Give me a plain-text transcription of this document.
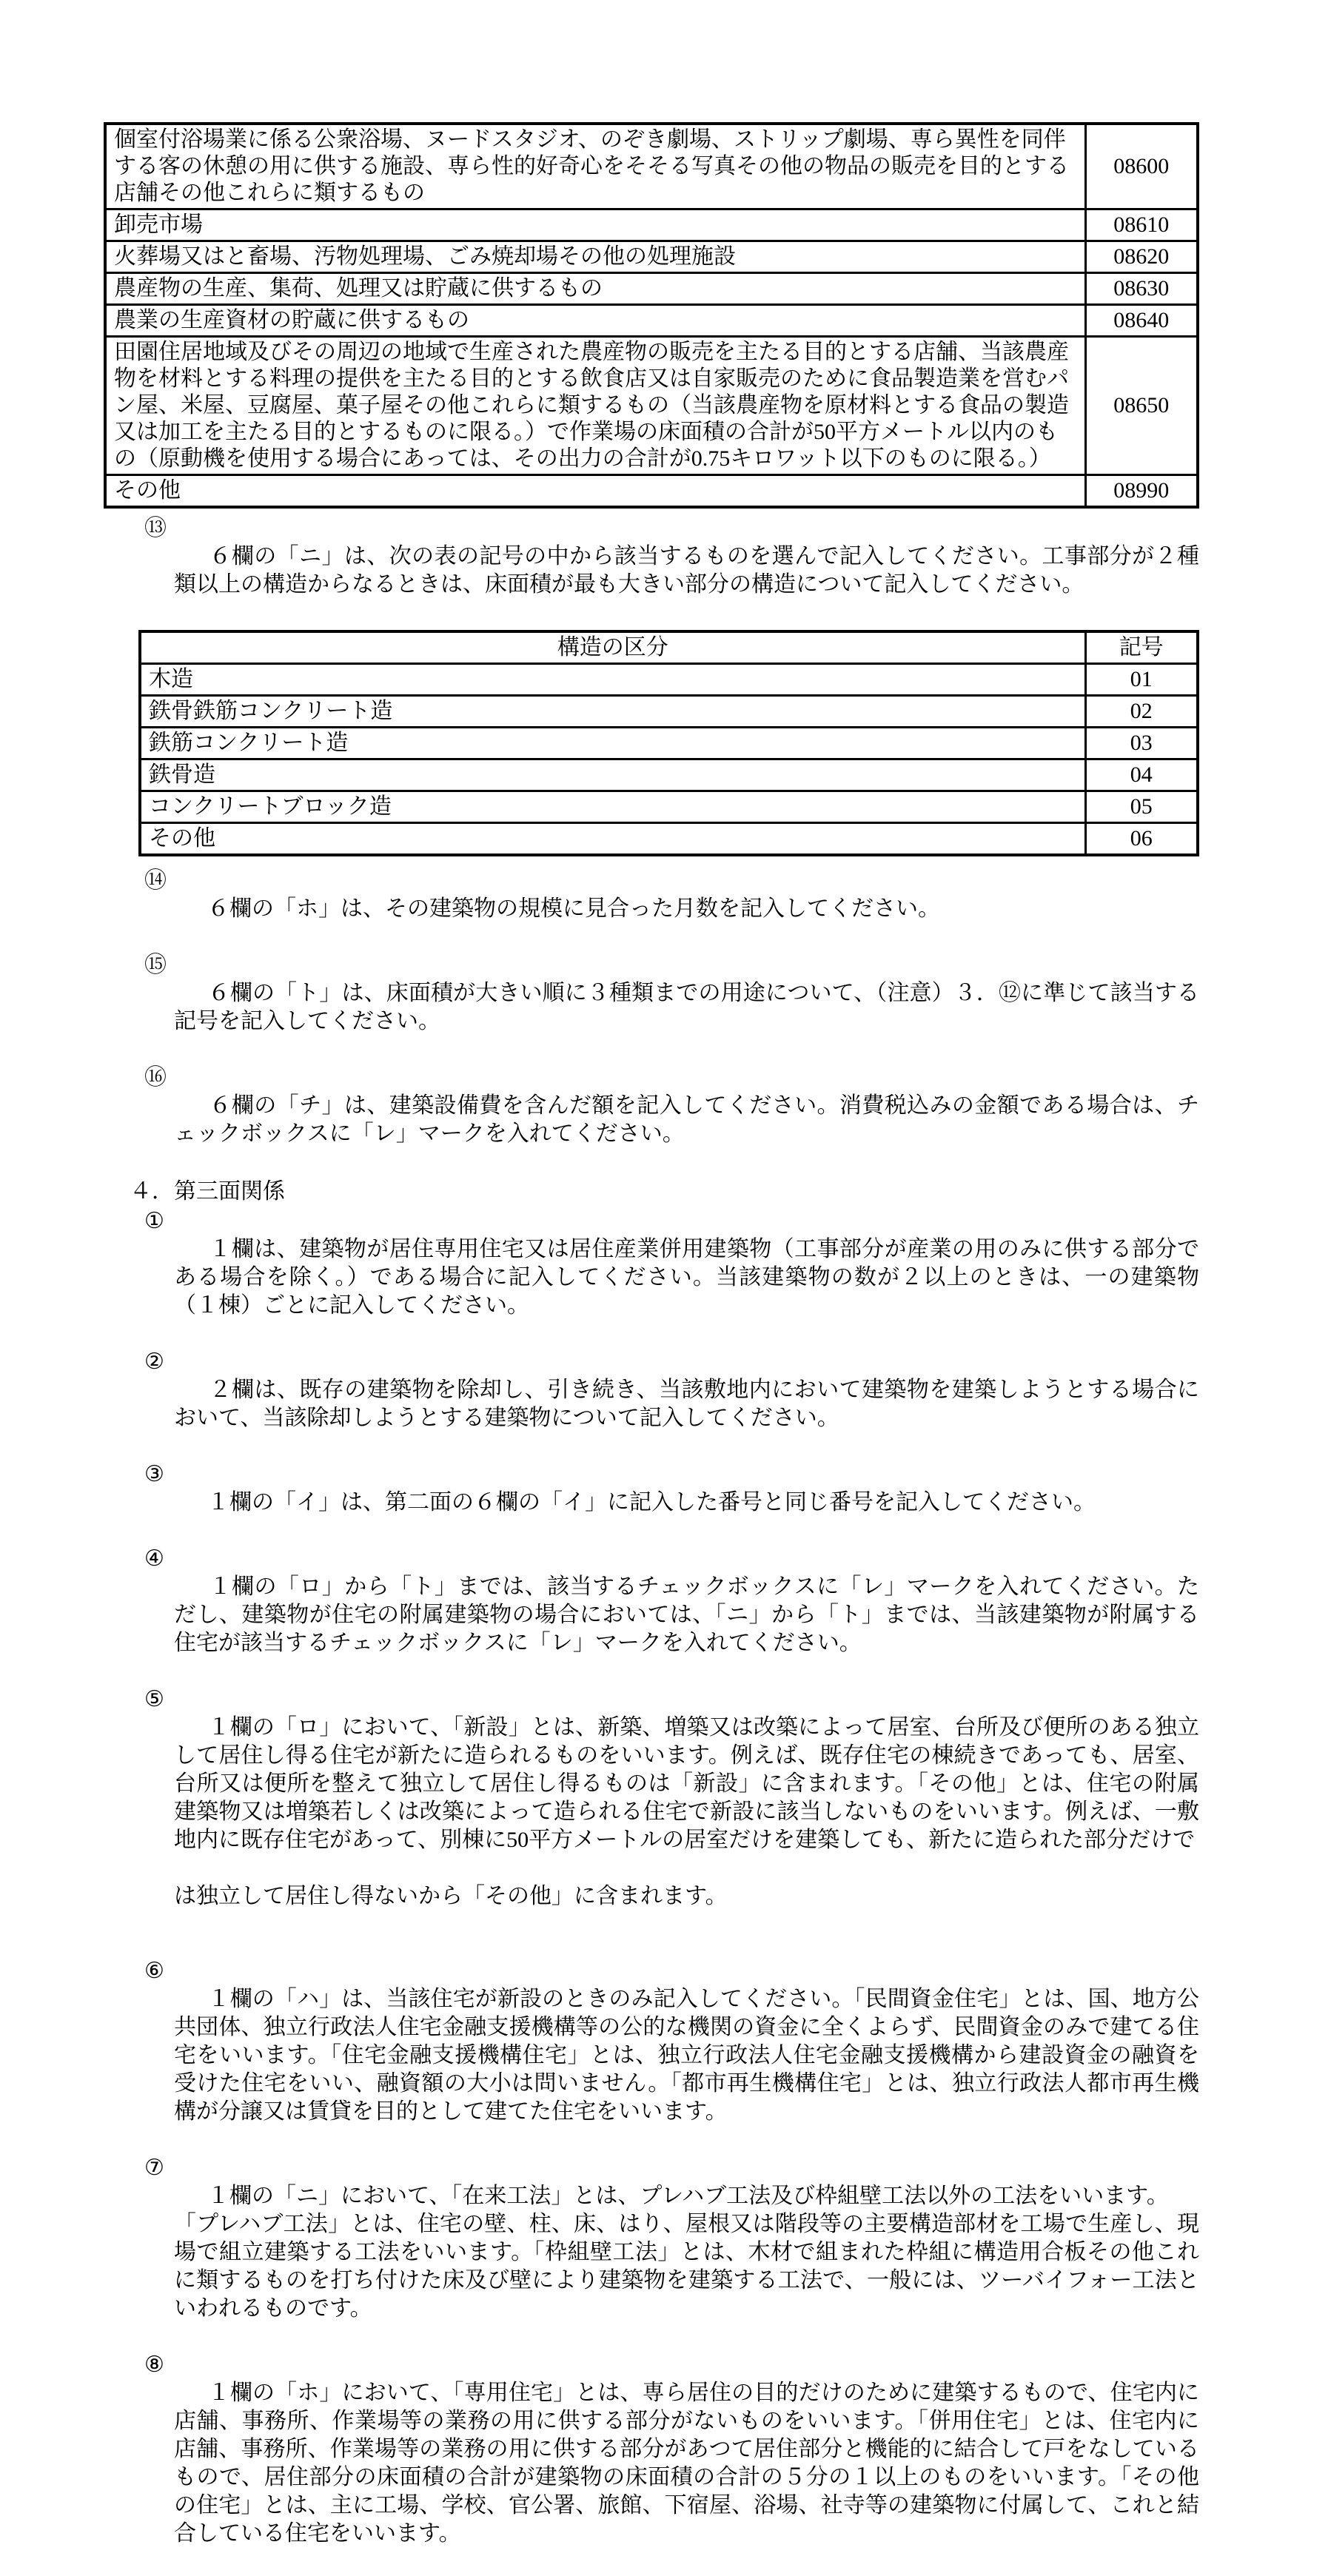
個室付浴場業に係る公衆浴場、ヌードスタジオ、のぞき劇場、ストリップ劇場、専ら異性を同伴する客の休憩の用に供する施設、専ら性的好奇心をそそる写真その他の物品の販売を目的とする店舗その他これらに類するもの	08600
卸売市場	08610
火葬場又はと畜場、汚物処理場、ごみ焼却場その他の処理施設	08620
農産物の生産、集荷、処理又は貯蔵に供するもの	08630
農業の生産資材の貯蔵に供するもの	08640
田園住居地域及びその周辺の地域で生産された農産物の販売を主たる目的とする店舗、当該農産物を材料とする料理の提供を主たる目的とする飲食店又は自家販売のために食品製造業を営むパン屋、米屋、豆腐屋、菓子屋その他これらに類するもの（当該農産物を原材料とする食品の製造又は加工を主たる目的とするものに限る。）で作業場の床面積の合計が50平方メートル以内のもの（原動機を使用する場合にあっては、その出力の合計が0.75キロワット以下のものに限る。）	08650
その他	08990

⑬
６欄の「ニ」は、次の表の記号の中から該当するものを選んで記入してください。工事部分が２種類以上の構造からなるときは、床面積が最も大きい部分の構造について記入してください。

構造の区分	記号
木造	01
鉄骨鉄筋コンクリート造	02
鉄筋コンクリート造	03
鉄骨造	04
コンクリートブロック造	05
その他	06

⑭
６欄の「ホ」は、その建築物の規模に見合った月数を記入してください。

⑮
６欄の「ト」は、床面積が大きい順に３種類までの用途について、（注意）３．⑫に準じて該当する記号を記入してください。

⑯
６欄の「チ」は、建築設備費を含んだ額を記入してください。消費税込みの金額である場合は、チェックボックスに「レ」マークを入れてください。

４．第三面関係

①
１欄は、建築物が居住専用住宅又は居住産業併用建築物（工事部分が産業の用のみに供する部分である場合を除く。）である場合に記入してください。当該建築物の数が２以上のときは、一の建築物（１棟）ごとに記入してください。

②
２欄は、既存の建築物を除却し、引き続き、当該敷地内において建築物を建築しようとする場合において、当該除却しようとする建築物について記入してください。

③
１欄の「イ」は、第二面の６欄の「イ」に記入した番号と同じ番号を記入してください。

④
１欄の「ロ」から「ト」までは、該当するチェックボックスに「レ」マークを入れてください。ただし、建築物が住宅の附属建築物の場合においては、「ニ」から「ト」までは、当該建築物が附属する住宅が該当するチェックボックスに「レ」マークを入れてください。

⑤
１欄の「ロ」において、「新設」とは、新築、増築又は改築によって居室、台所及び便所のある独立して居住し得る住宅が新たに造られるものをいいます。例えば、既存住宅の棟続きであっても、居室、台所又は便所を整えて独立して居住し得るものは「新設」に含まれます。「その他」とは、住宅の附属建築物又は増築若しくは改築によって造られる住宅で新設に該当しないものをいいます。例えば、一敷地内に既存住宅があって、別棟に50平方メートルの居室だけを建築しても、新たに造られた部分だけで

は独立して居住し得ないから「その他」に含まれます。

⑥
１欄の「ハ」は、当該住宅が新設のときのみ記入してください。「民間資金住宅」とは、国、地方公共団体、独立行政法人住宅金融支援機構等の公的な機関の資金に全くよらず、民間資金のみで建てる住宅をいいます。「住宅金融支援機構住宅」とは、独立行政法人住宅金融支援機構から建設資金の融資を受けた住宅をいい、融資額の大小は問いません。「都市再生機構住宅」とは、独立行政法人都市再生機構が分譲又は賃貸を目的として建てた住宅をいいます。

⑦
１欄の「ニ」において、「在来工法」とは、プレハブ工法及び枠組壁工法以外の工法をいいます。
「プレハブ工法」とは、住宅の壁、柱、床、はり、屋根又は階段等の主要構造部材を工場で生産し、現場で組立建築する工法をいいます。「枠組壁工法」とは、木材で組まれた枠組に構造用合板その他これに類するものを打ち付けた床及び壁により建築物を建築する工法で、一般には、ツーバイフォー工法といわれるものです。

⑧
１欄の「ホ」において、「専用住宅」とは、専ら居住の目的だけのために建築するもので、住宅内に店舗、事務所、作業場等の業務の用に供する部分がないものをいいます。「併用住宅」とは、住宅内に店舗、事務所、作業場等の業務の用に供する部分があつて居住部分と機能的に結合して戸をなしているもので、居住部分の床面積の合計が建築物の床面積の合計の５分の１以上のものをいいます。「その他の住宅」とは、主に工場、学校、官公署、旅館、下宿屋、浴場、社寺等の建築物に付属して、これと結合している住宅をいいます。
